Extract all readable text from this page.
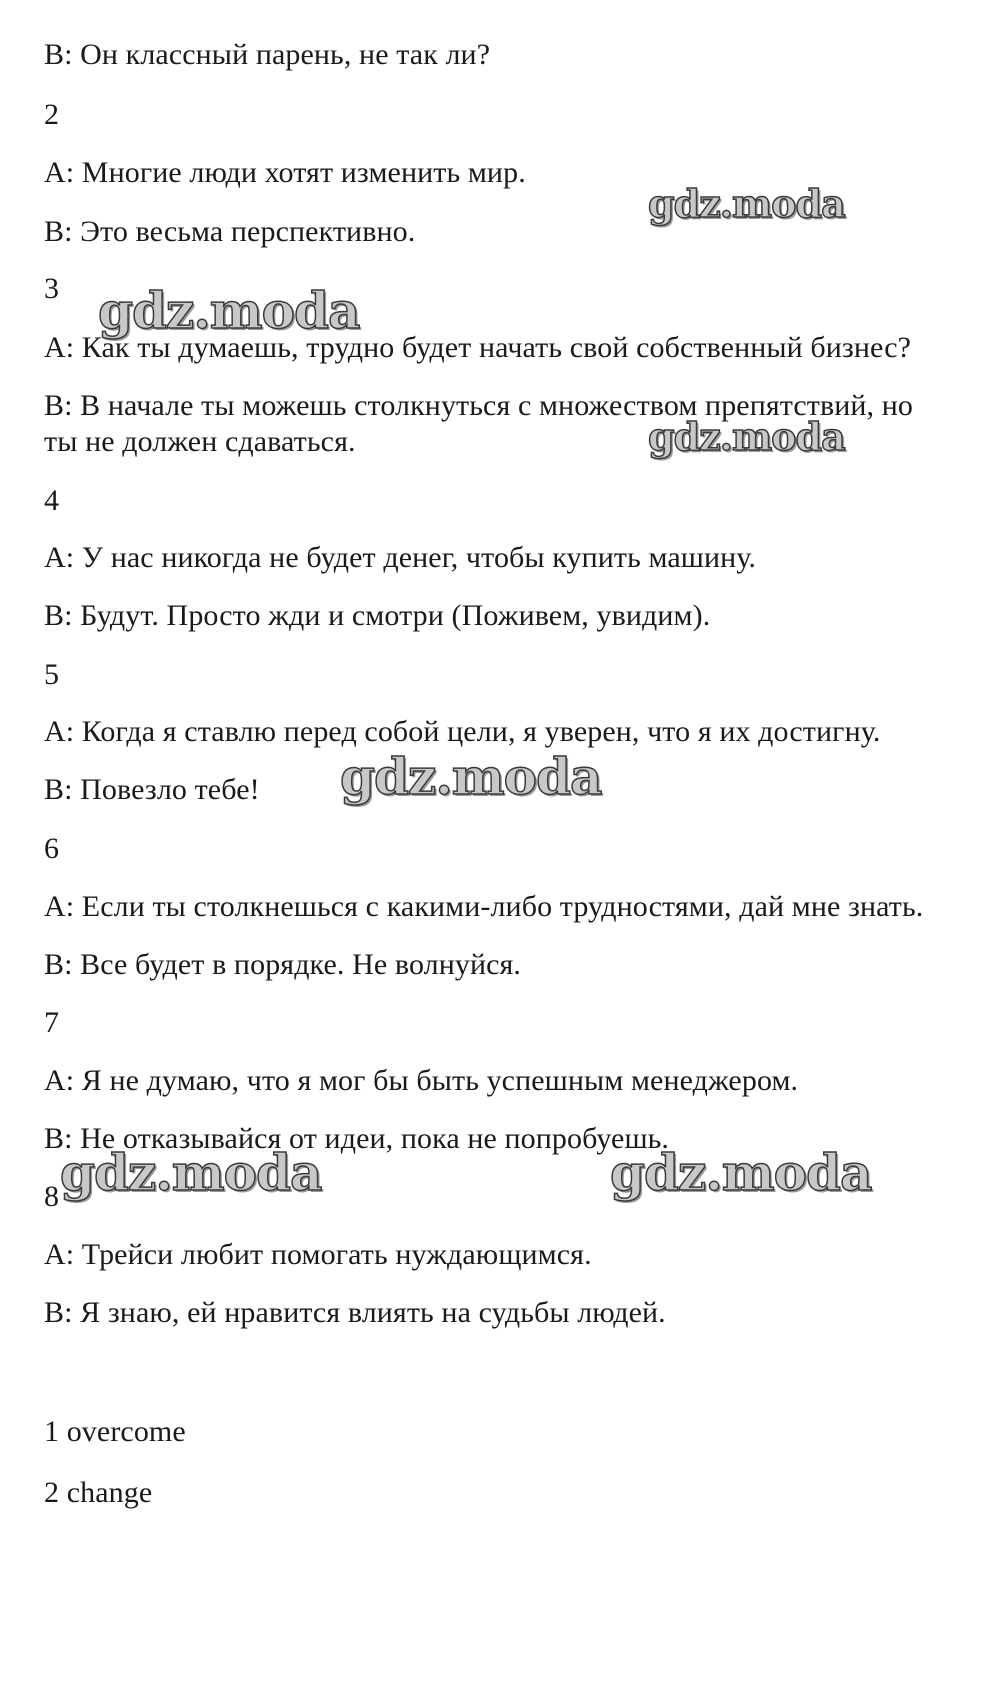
В: Он классный парень, не так ли?
2
А: Многие люди хотят изменить мир.
В: Это весьма перспективно.
3
А: Как ты думаешь, трудно будет начать свой собственный бизнес?
В: В начале ты можешь столкнуться с множеством препятствий, но
ты не должен сдаваться.
4
А: У нас никогда не будет денег, чтобы купить машину.
В: Будут. Просто жди и смотри (Поживем, увидим).
5
А: Когда я ставлю перед собой цели, я уверен, что я их достигну.
В: Повезло тебе!
6
А: Если ты столкнешься с какими-либо трудностями, дай мне знать.
В: Все будет в порядке. Не волнуйся.
7
А: Я не думаю, что я мог бы быть успешным менеджером.
В: Не отказывайся от идеи, пока не попробуешь.
8
А: Трейси любит помогать нуждающимся.
В: Я знаю, ей нравится влиять на судьбы людей.
1 overcome
2 change
gdz.moda
gdz.moda
gdz.moda
gdz.moda
gdz.moda	gdz.moda
